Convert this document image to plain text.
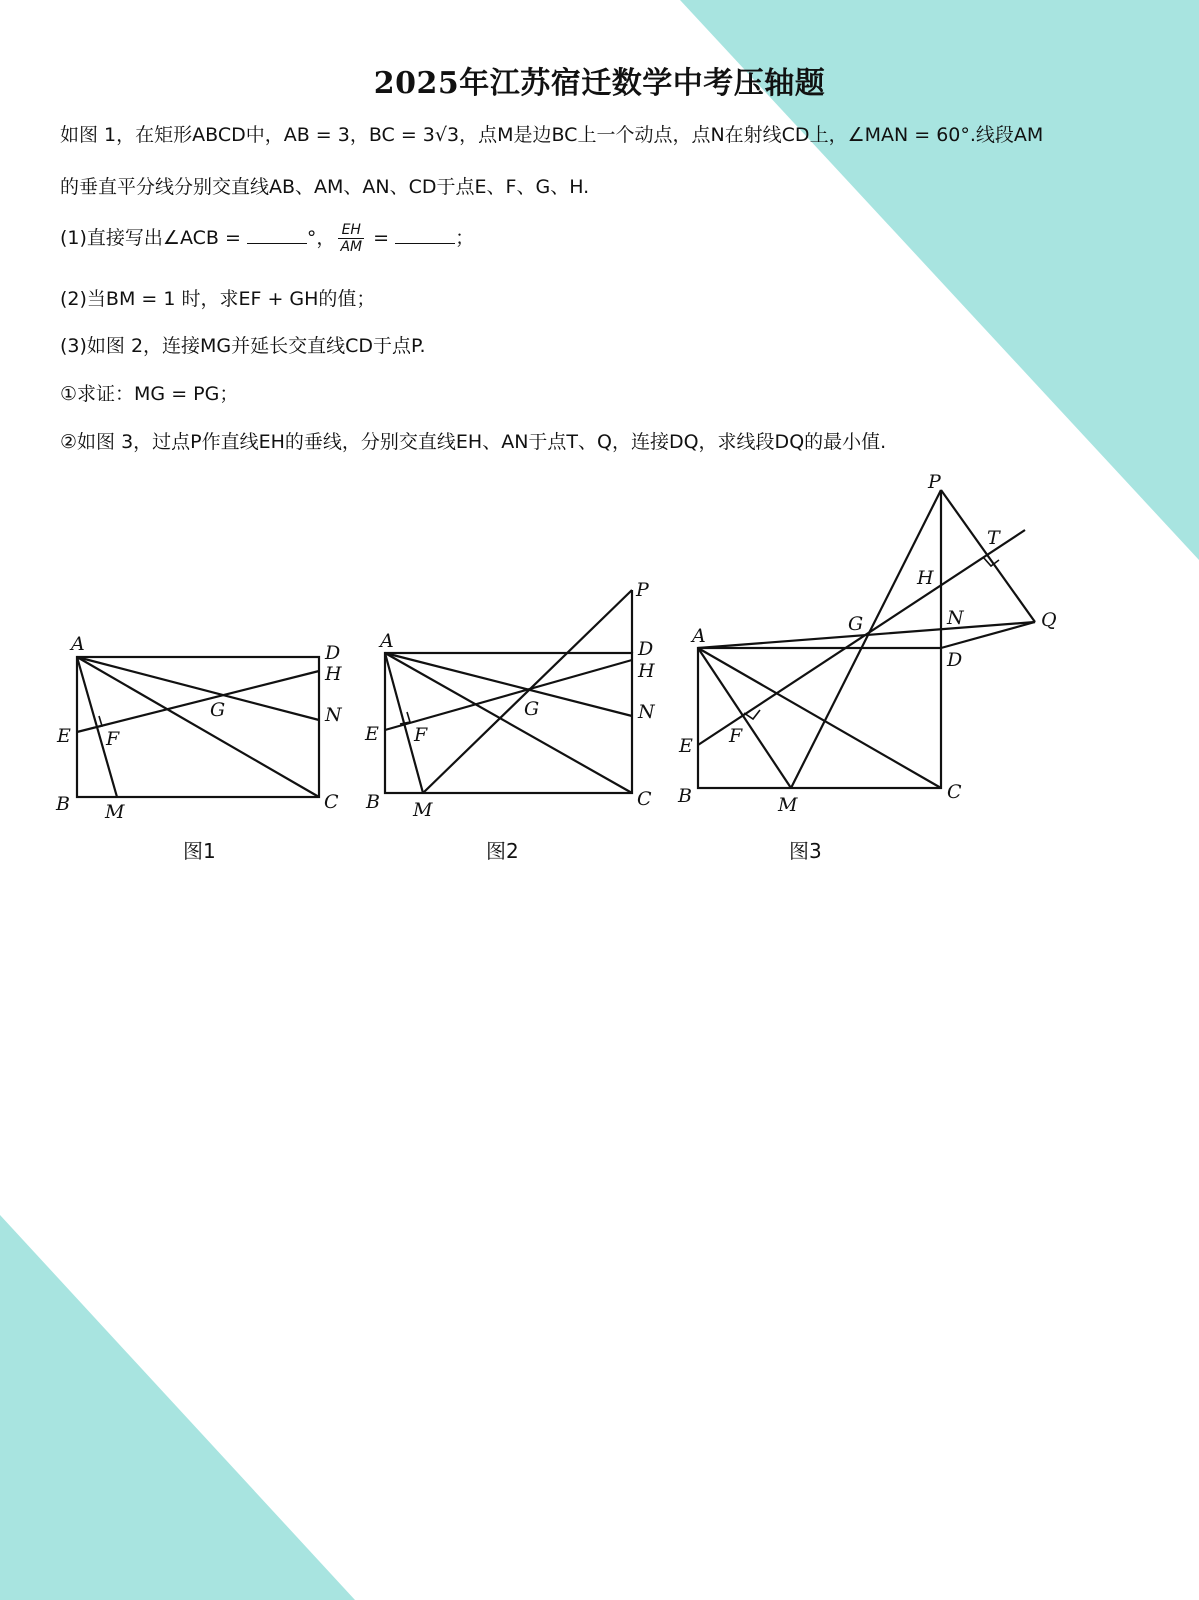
2025年江苏宿迁数学中考压轴题
如图 1，在矩形ABCD中，AB = 3，BC = 3√3，点M是边BC上一个动点，点N在射线CD上，∠MAN = 60°.线段AM
的垂直平分线分别交直线AB、AM、AN、CD于点E、F、G、H.
(1)直接写出∠ACB =	°， $\frac{EH}{AM}$ =	；
(2)当BM = 1 时，求EF + GH的值；
(3)如图 2，连接MG并延长交直线CD于点P.
①求证：MG = PG；
②如图 3，过点P作直线EH的垂线，分别交直线EH、AN于点T、Q，连接DQ，求线段DQ的最小值.
A
B	C
D
E F
G
H
M
N
A
B	C
D
E F
G
H
M
N
P
A
B	C
D
E F
G
H
M
N
P
T
Q
图1	图2	图3
